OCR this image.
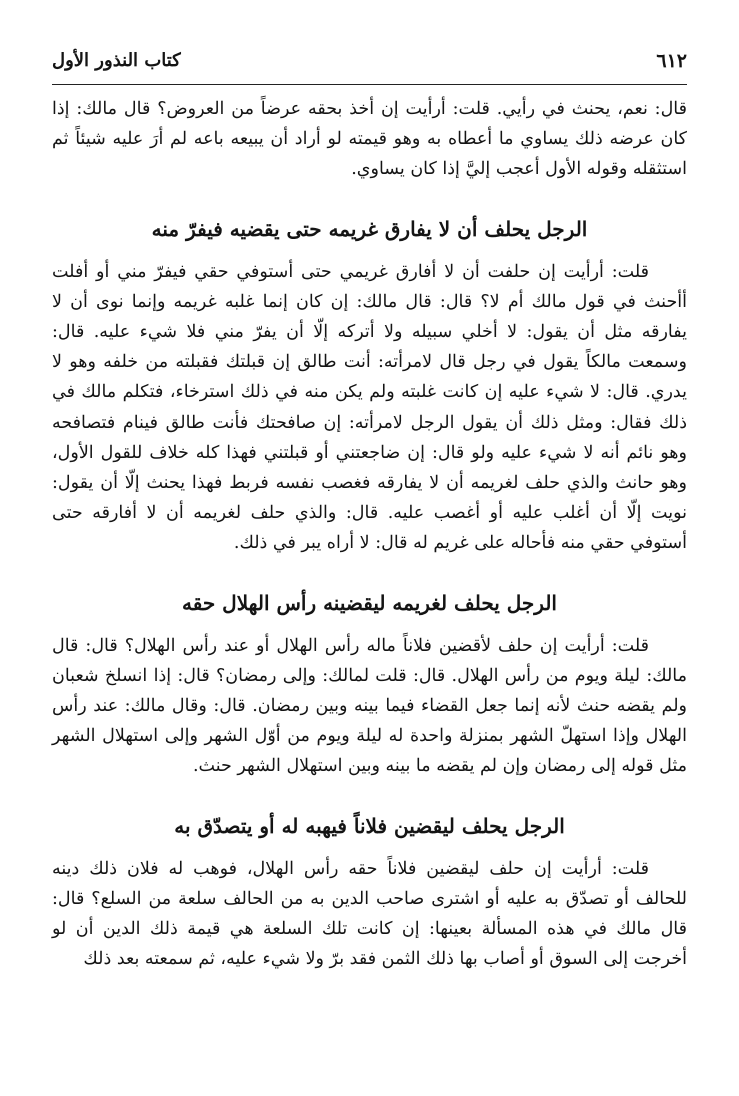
كتاب النذور الأول	٦١٢

قال: نعم، يحنث في رأيي. قلت: أرأيت إن أخذ بحقه عرضاً من العروض؟ قال مالك: إذا كان عرضه ذلك يساوي ما أعطاه به وهو قيمته لو أراد أن يبيعه باعه لم أرَ عليه شيئاً ثم استثقله وقوله الأول أعجب إليَّ إذا كان يساوي.

الرجل يحلف أن لا يفارق غريمه حتى يقضيه فيفرّ منه

قلت: أرأيت إن حلفت أن لا أفارق غريمي حتى أستوفي حقي فيفرّ مني أو أفلت أأحنث في قول مالك أم لا؟ قال: قال مالك: إن كان إنما غلبه غريمه وإنما نوى أن لا يفارقه مثل أن يقول: لا أخلي سبيله ولا أتركه إلّا أن يفرّ مني فلا شيء عليه. قال: وسمعت مالكاً يقول في رجل قال لامرأته: أنت طالق إن قبلتك فقبلته من خلفه وهو لا يدري. قال: لا شيء عليه إن كانت غلبته ولم يكن منه في ذلك استرخاء، فتكلم مالك في ذلك فقال: ومثل ذلك أن يقول الرجل لامرأته: إن صافحتك فأنت طالق فينام فتصافحه وهو نائم أنه لا شيء عليه ولو قال: إن ضاجعتني أو قبلتني فهذا كله خلاف للقول الأول، وهو حانث والذي حلف لغريمه أن لا يفارقه فغصب نفسه فربط فهذا يحنث إلّا أن يقول: نويت إلّا أن أغلب عليه أو أغصب عليه. قال: والذي حلف لغريمه أن لا أفارقه حتى أستوفي حقي منه فأحاله على غريم له قال: لا أراه يبر في ذلك.

الرجل يحلف لغريمه ليقضينه رأس الهلال حقه

قلت: أرأيت إن حلف لأقضين فلاناً ماله رأس الهلال أو عند رأس الهلال؟ قال: قال مالك: ليلة ويوم من رأس الهلال. قال: قلت لمالك: وإلى رمضان؟ قال: إذا انسلخ شعبان ولم يقضه حنث لأنه إنما جعل القضاء فيما بينه وبين رمضان. قال: وقال مالك: عند رأس الهلال وإذا استهلّ الشهر بمنزلة واحدة له ليلة ويوم من أوّل الشهر وإلى استهلال الشهر مثل قوله إلى رمضان وإن لم يقضه ما بينه وبين استهلال الشهر حنث.

الرجل يحلف ليقضين فلاناً فيهبه له أو يتصدّق به

قلت: أرأيت إن حلف ليقضين فلاناً حقه رأس الهلال، فوهب له فلان ذلك دينه للحالف أو تصدّق به عليه أو اشترى صاحب الدين به من الحالف سلعة من السلع؟ قال: قال مالك في هذه المسألة بعينها: إن كانت تلك السلعة هي قيمة ذلك الدين أن لو أخرجت إلى السوق أو أصاب بها ذلك الثمن فقد برّ ولا شيء عليه، ثم سمعته بعد ذلك
